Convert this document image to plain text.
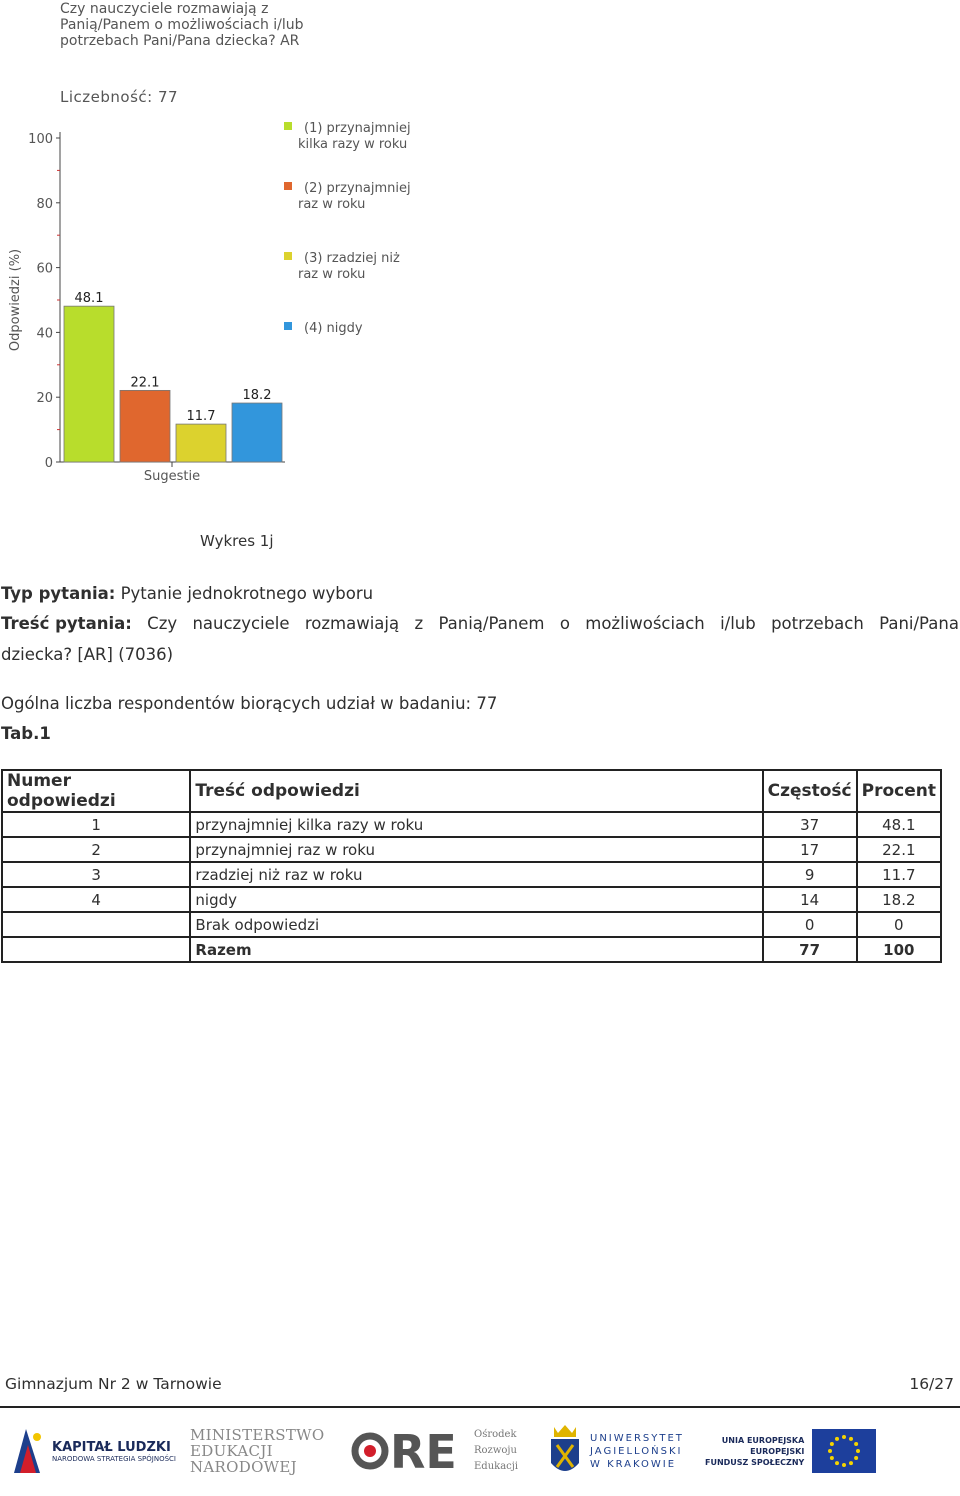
Czy nauczyciele rozmawiają z
Panią/Panem o możliwościach i/lub
potrzebach Pani/Pana dziecka? AR
Liczebność: 77
0
20
40
60
80
100
Odpowiedzi (%)
Sugestie
48.1
22.1
11.7
18.2
(1) przynajmniej
kilka razy w roku
(2) przynajmniej
raz w roku
(3) rzadziej niż
raz w roku
(4) nigdy
Wykres 1j
Typ pytania: Pytanie jednokrotnego wyboru
Treść pytania: Czy nauczyciele rozmawiają z Panią/Panem o możliwościach i/lub potrzebach Pani/Pana
dziecka? [AR] (7036)
Ogólna liczba respondentów biorących udział w badaniu: 77
Tab.1
Numer odpowiedzi	Treść odpowiedzi	Częstość	Procent
1	przynajmniej kilka razy w roku	37	48.1
2	przynajmniej raz w roku	17	22.1
3	rzadziej niż raz w roku	9	11.7
4	nigdy	14	18.2
	Brak odpowiedzi	0	0
	Razem	77	100
Gimnazjum Nr 2 w Tarnowie	16/27
KAPITAŁ LUDZKI
NARODOWA STRATEGIA SPÓJNOŚCI
MINISTERSTWO
EDUKACJI
NARODOWEJ RE Ośrodek
Rozwoju
Edukacji
UNIWERSYTET
JAGIELLOŃSKI
W KRAKOWIE
UNIA EUROPEJSKA
EUROPEJSKI
FUNDUSZ SPOŁECZNY
